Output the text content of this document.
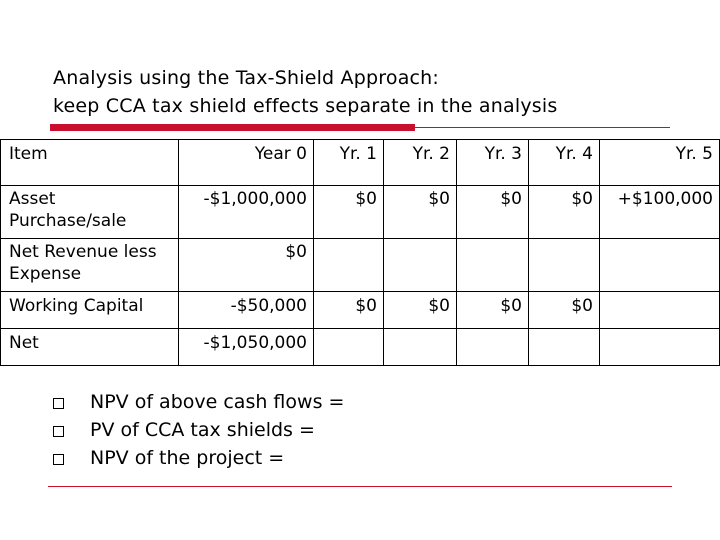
Analysis using the Tax-Shield Approach:
keep CCA tax shield effects separate in the analysis
Item	Year 0	Yr. 1	Yr. 2	Yr. 3	Yr. 4	Yr. 5
Asset Purchase/sale	-$1,000,000	$0	$0	$0	$0	+$100,000
Net Revenue less Expense	$0					
Working Capital	-$50,000	$0	$0	$0	$0	
Net	-$1,050,000					
NPV of above cash flows =
PV of CCA tax shields =
NPV of the project =
